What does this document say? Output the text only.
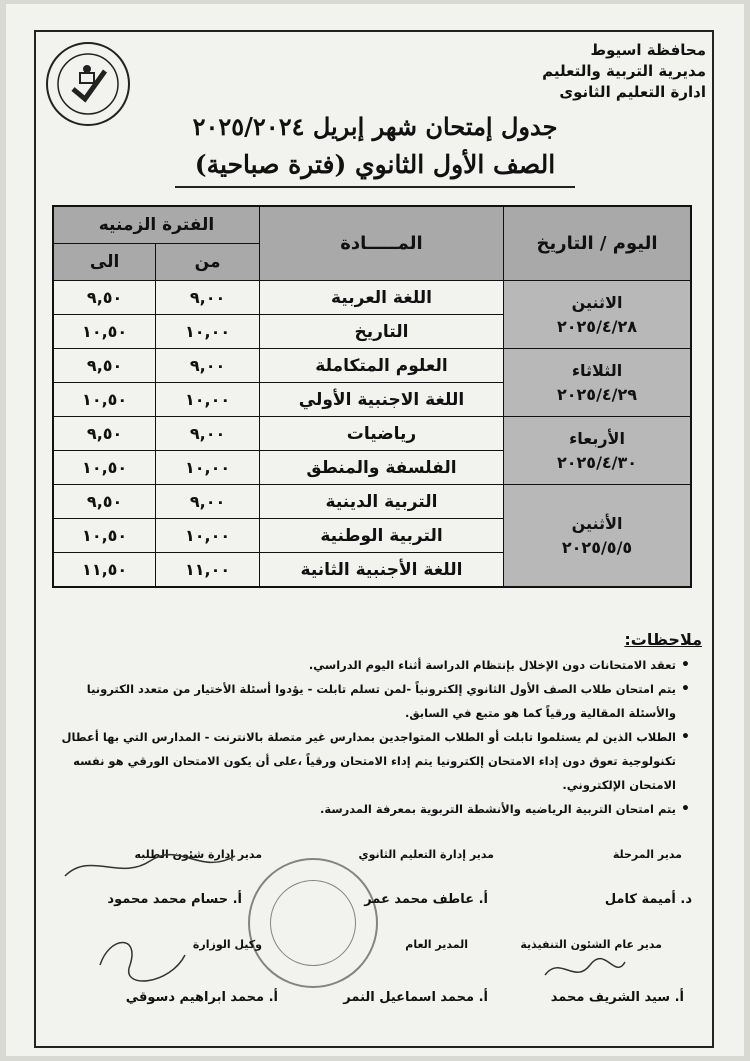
محافظة اسيوط
مديرية التربية والتعليم
ادارة التعليم الثانوى
جدول إمتحان شهر إبريل ٢٠٢٥/٢٠٢٤
الصف الأول الثانوي (فترة صباحية)
اليوم / التاريخ	المـــــادة	الفترة الزمنيه	
		من	الى

الاثنين
٢٠٢٥/٤/٢٨	اللغة العربية	٩,٠٠	٩,٥٠
	التاريخ	١٠,٠٠	١٠,٥٠

الثلاثاء
٢٠٢٥/٤/٢٩	العلوم المتكاملة	٩,٠٠	٩,٥٠
	اللغة الاجنبية الأولي	١٠,٠٠	١٠,٥٠

الأربعاء
٢٠٢٥/٤/٣٠	رياضيات	٩,٠٠	٩,٥٠
	الفلسفة والمنطق	١٠,٠٠	١٠,٥٠

الأثنين
٢٠٢٥/٥/٥	التربية الدينية	٩,٠٠	٩,٥٠
	التربية الوطنية	١٠,٠٠	١٠,٥٠
	اللغة الأجنبية الثانية	١١,٠٠	١١,٥٠
ملاحظات:
• تعقد الامتحانات دون الإخلال بإنتظام الدراسة أثناء اليوم الدراسي.
• يتم امتحان طلاب الصف الأول الثانوي إلكترونياً -لمن تسلم تابلت - يؤدوا أسئلة الأختيار من متعدد الكترونيا والأسئلة المقالية ورقياً كما هو متبع في السابق.
• الطلاب الذين لم يستلموا تابلت أو الطلاب المتواجدين بمدارس غير متصلة بالانترنت - المدارس التي بها أعطال تكنولوجية تعوق دون إداء الامتحان إلكترونيا يتم إداء الامتحان ورقياً ،على أن يكون الامتحان الورقي هو نفسه الامتحان الإلكتروني.
• يتم امتحان التربية الرياضيه والأنشطة التربوية بمعرفة المدرسة.
مدير المرحلة
د. أميمة كامل
مدير إدارة التعليم الثانوي
أ. عاطف محمد عمر
مدير إدارة شئون الطلبه
أ. حسام محمد محمود
مدير عام الشئون التنفيذية
أ. سيد الشريف محمد
المدير العام
أ. محمد اسماعيل النمر
وكيل الوزارة
أ. محمد ابراهيم دسوقي
